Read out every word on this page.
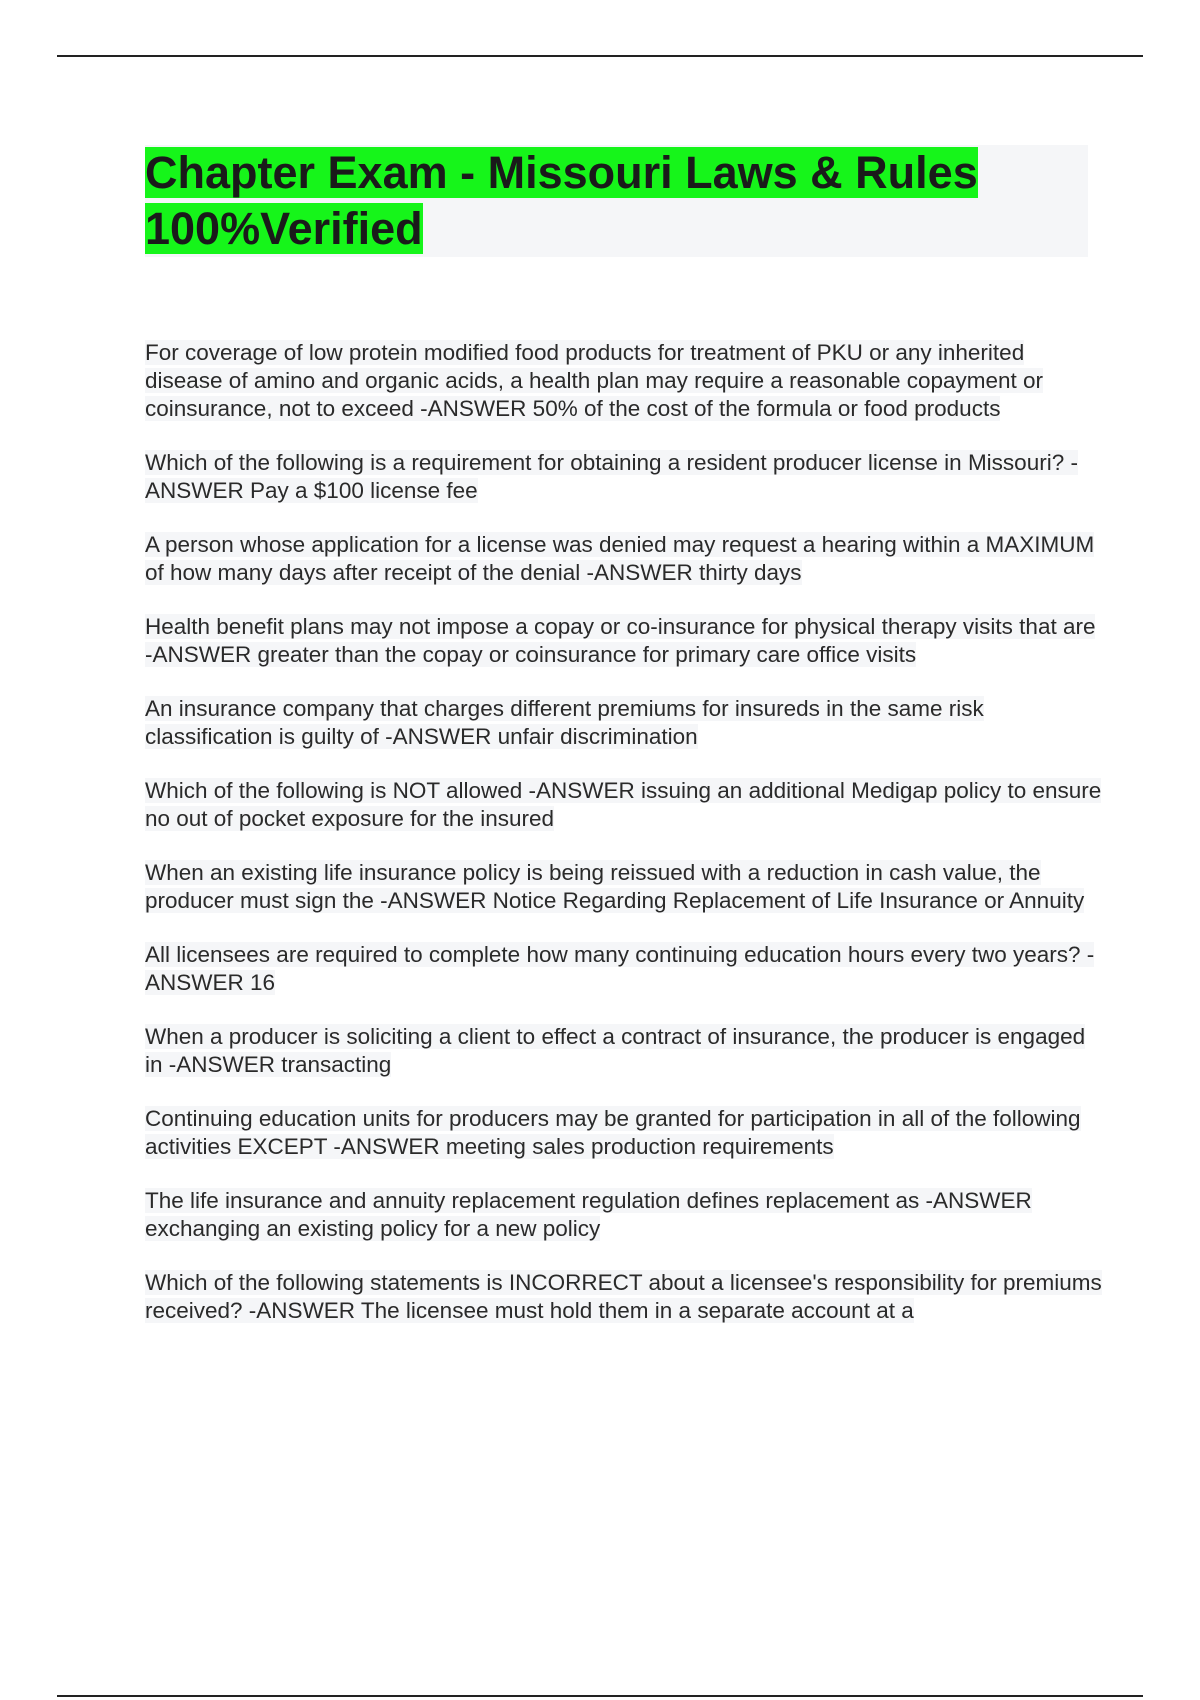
Chapter Exam - Missouri Laws & Rules
100%Verified
For coverage of low protein modified food products for treatment of PKU or any inherited disease of amino and organic acids, a health plan may require a reasonable copayment or coinsurance, not to exceed -ANSWER 50% of the cost of the formula or food products
Which of the following is a requirement for obtaining a resident producer license in Missouri? -ANSWER Pay a $100 license fee
A person whose application for a license was denied may request a hearing within a MAXIMUM of how many days after receipt of the denial -ANSWER thirty days
Health benefit plans may not impose a copay or co-insurance for physical therapy visits that are -ANSWER greater than the copay or coinsurance for primary care office visits
An insurance company that charges different premiums for insureds in the same risk classification is guilty of -ANSWER unfair discrimination
Which of the following is NOT allowed -ANSWER issuing an additional Medigap policy to ensure no out of pocket exposure for the insured
When an existing life insurance policy is being reissued with a reduction in cash value, the producer must sign the -ANSWER Notice Regarding Replacement of Life Insurance or Annuity
All licensees are required to complete how many continuing education hours every two years? -ANSWER 16
When a producer is soliciting a client to effect a contract of insurance, the producer is engaged in -ANSWER transacting
Continuing education units for producers may be granted for participation in all of the following activities EXCEPT -ANSWER meeting sales production requirements
The life insurance and annuity replacement regulation defines replacement as -ANSWER exchanging an existing policy for a new policy
Which of the following statements is INCORRECT about a licensee's responsibility for premiums received? -ANSWER The licensee must hold them in a separate account at a
